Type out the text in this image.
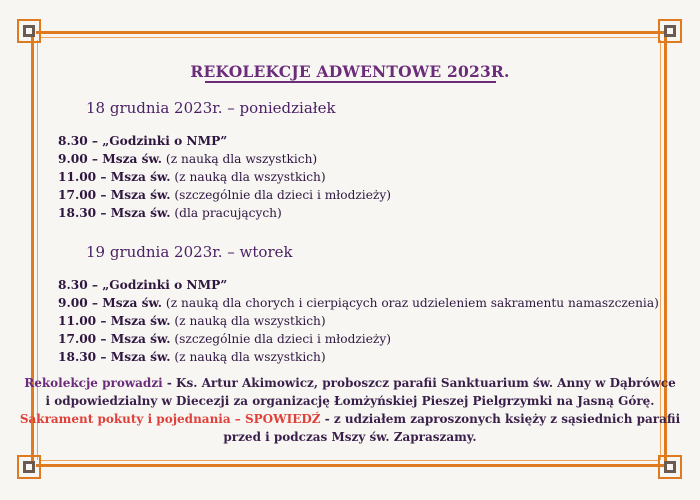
REKOLEKCJE ADWENTOWE 2023R.
18 grudnia 2023r. – poniedziałek
8.30 – „Godzinki o NMP”
9.00 – Msza św. (z nauką dla wszystkich)
11.00 – Msza św. (z nauką dla wszystkich)
17.00 – Msza św. (szczególnie dla dzieci i młodzieży)
18.30 – Msza św. (dla pracujących)
19 grudnia 2023r. – wtorek
8.30 – „Godzinki o NMP”
9.00 – Msza św. (z nauką dla chorych i cierpiących oraz udzieleniem sakramentu namaszczenia)
11.00 – Msza św. (z nauką dla wszystkich)
17.00 – Msza św. (szczególnie dla dzieci i młodzieży)
18.30 – Msza św. (z nauką dla wszystkich)
Rekolekcje prowadzi - Ks. Artur Akimowicz, proboszcz parafii Sanktuarium św. Anny w Dąbrówce
i odpowiedzialny w Diecezji za organizację Łomżyńskiej Pieszej Pielgrzymki na Jasną Górę.
Sakrament pokuty i pojednania – SPOWIEDŹ - z udziałem zaproszonych księży z sąsiednich parafii
przed i podczas Mszy św. Zapraszamy.
